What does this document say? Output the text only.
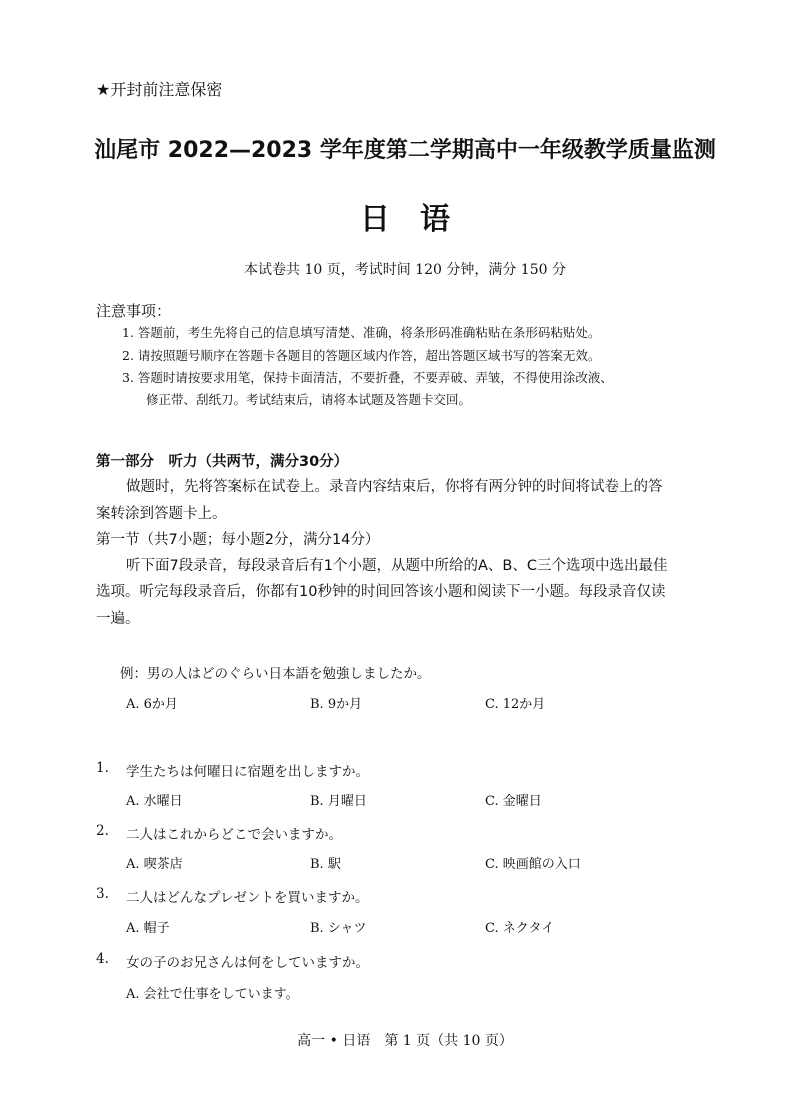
★开封前注意保密
汕尾市 2022—2023 学年度第二学期高中一年级教学质量监测
日语
本试卷共 10 页，考试时间 120 分钟，满分 150 分
注意事项：
1. 答题前，考生先将自己的信息填写清楚、准确，将条形码准确粘贴在条形码粘贴处。
2. 请按照题号顺序在答题卡各题目的答题区域内作答，超出答题区域书写的答案无效。
3. 答题时请按要求用笔，保持卡面清洁，不要折叠，不要弄破、弄皱，不得使用涂改液、
修正带、刮纸刀。考试结束后，请将本试题及答题卡交回。
第一部分　听力（共两节，满分30分）
做题时，先将答案标在试卷上。录音内容结束后，你将有两分钟的时间将试卷上的答
案转涂到答题卡上。
第一节（共7小题；每小题2分，满分14分）
听下面7段录音，每段录音后有1个小题，从题中所给的A、B、C三个选项中选出最佳
选项。听完每段录音后，你都有10秒钟的时间回答该小题和阅读下一小题。每段录音仅读
一遍。
例：男の人はどのぐらい日本語を勉強しましたか。
A. 6か月	B. 9か月	C. 12か月
1. 学生たちは何曜日に宿題を出しますか。
A. 水曜日	B. 月曜日	C. 金曜日
2. 二人はこれからどこで会いますか。
A. 喫茶店	B. 駅	C. 映画館の入口
3. 二人はどんなプレゼントを買いますか。
A. 帽子	B. シャツ	C. ネクタイ
4. 女の子のお兄さんは何をしていますか。
A. 会社で仕事をしています。
高一 • 日语　第 1 页（共 10 页）
